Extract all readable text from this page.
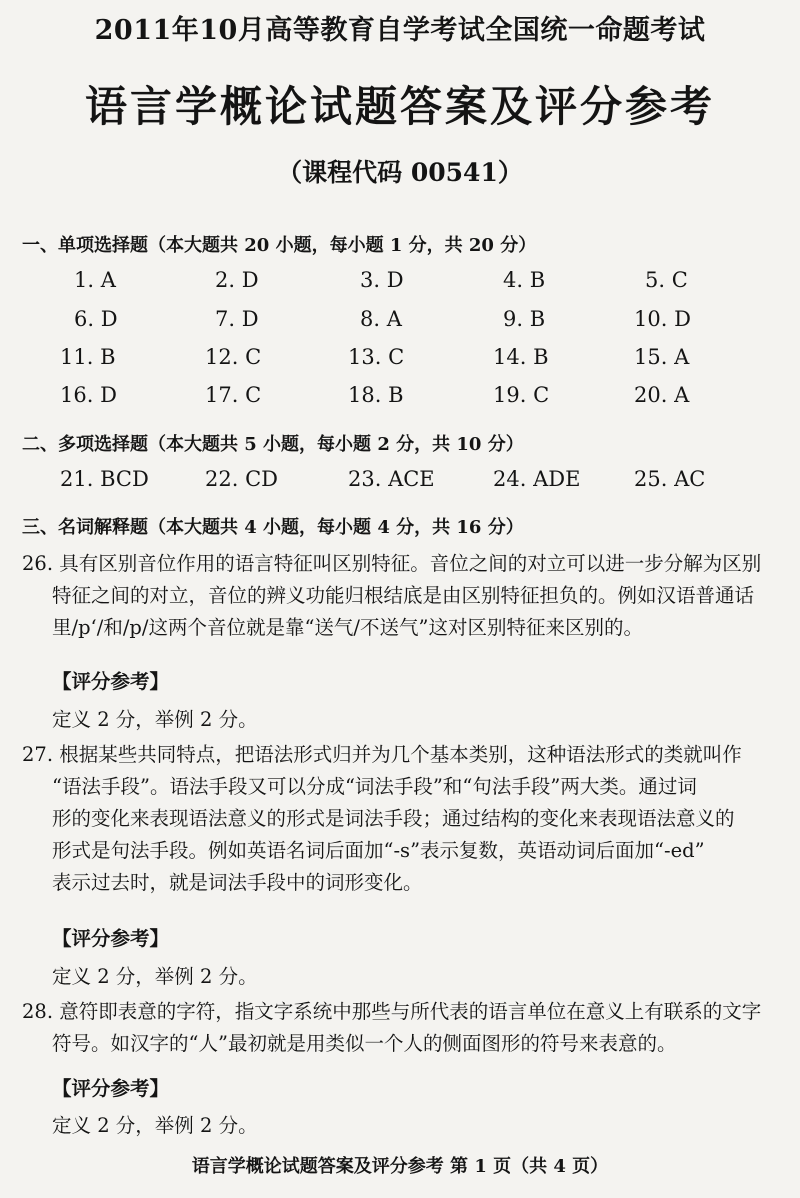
2011年10月高等教育自学考试全国统一命题考试
语言学概论试题答案及评分参考
（课程代码 00541）
一、单项选择题（本大题共 20 小题，每小题 1 分，共 20 分）
1. A	2. D	3. D	4. B	5. C
6. D	7. D	8. A	9. B	10. D
11. B	12. C	13. C	14. B	15. A
16. D	17. C	18. B	19. C	20. A
二、多项选择题（本大题共 5 小题，每小题 2 分，共 10 分）
21. BCD	22. CD	23. ACE	24. ADE	25. AC
三、名词解释题（本大题共 4 小题，每小题 4 分，共 16 分）
26. 具有区别音位作用的语言特征叫区别特征。音位之间的对立可以进一步分解为区别
特征之间的对立，音位的辨义功能归根结底是由区别特征担负的。例如汉语普通话
里/pʻ/和/p/这两个音位就是靠“送气/不送气”这对区别特征来区别的。
【评分参考】
定义 2 分，举例 2 分。
27. 根据某些共同特点，把语法形式归并为几个基本类别，这种语法形式的类就叫作
“语法手段”。语法手段又可以分成“词法手段”和“句法手段”两大类。通过词
形的变化来表现语法意义的形式是词法手段；通过结构的变化来表现语法意义的
形式是句法手段。例如英语名词后面加“-s”表示复数，英语动词后面加“-ed”
表示过去时，就是词法手段中的词形变化。
【评分参考】
定义 2 分，举例 2 分。
28. 意符即表意的字符，指文字系统中那些与所代表的语言单位在意义上有联系的文字
符号。如汉字的“人”最初就是用类似一个人的侧面图形的符号来表意的。
【评分参考】
定义 2 分，举例 2 分。
语言学概论试题答案及评分参考 第 1 页（共 4 页）
